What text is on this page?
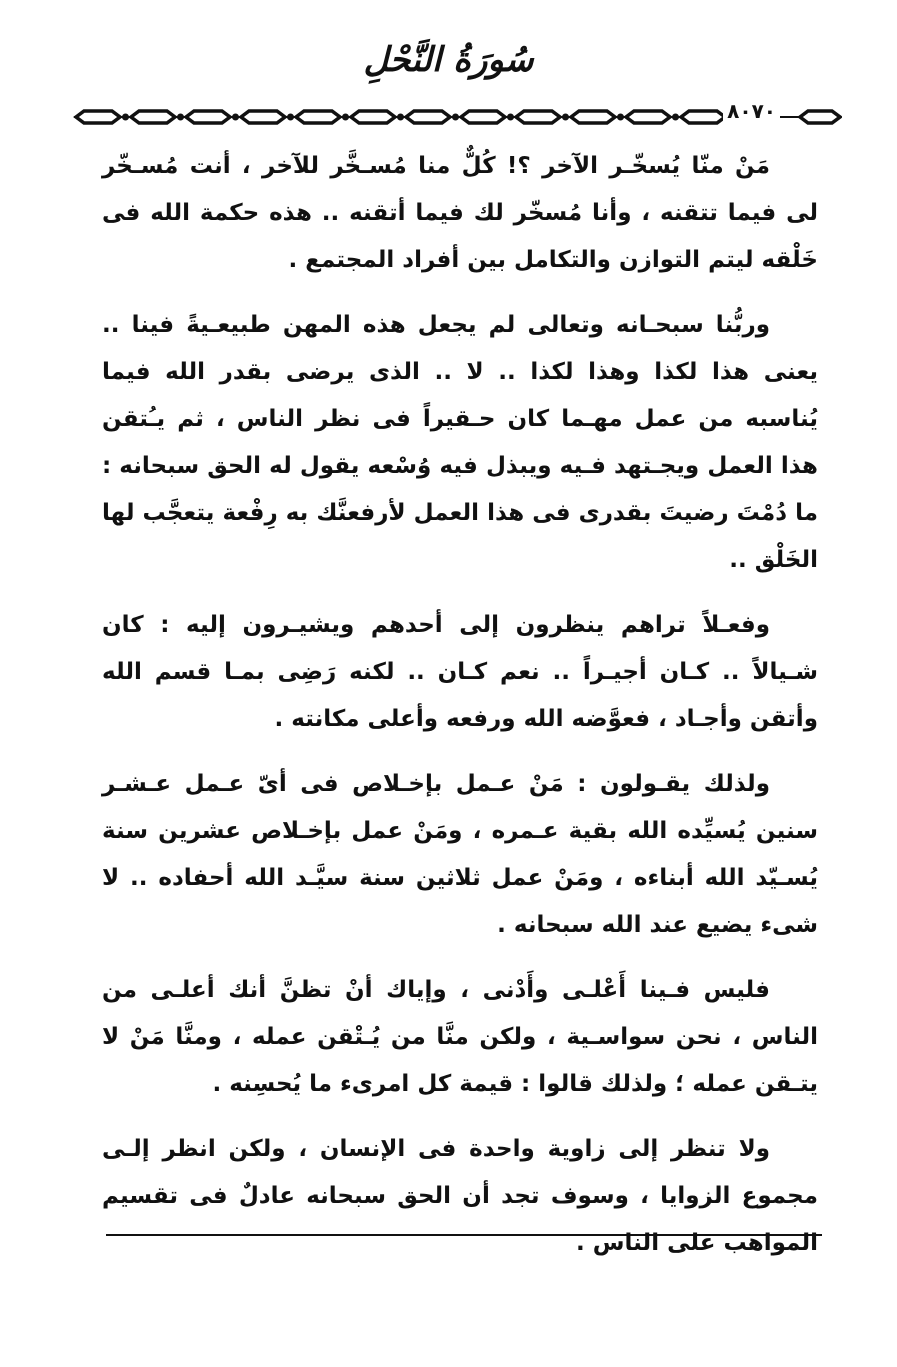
سُورَةُ النَّحْلِ
٨٠٧٠

مَنْ منّا يُسخّـر الآخر ؟! كُلٌّ منا مُسـخَّر للآخر ، أنت مُسـخّر لى فيما تتقنه ، وأنا مُسخّر لك فيما أتقنه .. هذه حكمة الله فى خَلْقه ليتم التوازن والتكامل بين أفراد المجتمع .

وربُّنا سبحـانه وتعالى لم يجعل هذه المهن طبيعـيةً فينا .. يعنى هذا لكذا وهذا لكذا .. لا .. الذى يرضى بقدر الله فيما يُناسبه من عمل مهـما كان حـقيراً فى نظر الناس ، ثم يـُتقن هذا العمل ويجـتهد فـيه ويبذل فيه وُسْعه يقول له الحق سبحانه : ما دُمْتَ رضيتَ بقدرى فى هذا العمل لأرفعنَّك به رِفْعة يتعجَّب لها الخَلْق ..

وفعـلاً تراهم ينظرون إلى أحدهم ويشيـرون إليه : كان شـيالاً .. كـان أجيـراً .. نعم كـان .. لكنه رَضِى بمـا قسم الله وأتقن وأجـاد ، فعوَّضه الله ورفعه وأعلى مكانته .

ولذلك يقـولون : مَنْ عـمل بإخـلاص فى أىّ عـمل عـشـر سنين يُسيِّده الله بقية عـمره ، ومَنْ عمل بإخـلاص عشرين سنة يُسـيّد الله أبناءه ، ومَنْ عمل ثلاثين سنة سيَّـد الله أحفاده .. لا شىء يضيع عند الله سبحانه .

فليس فـينا أَعْلـى وأَدْنى ، وإياك أنْ تظنَّ أنك أعلـى من الناس ، نحن سواسـية ، ولكن منَّا من يُـتْقن عمله ، ومنَّا مَنْ لا يتـقن عمله ؛ ولذلك قالوا : قيمة كل امرىء ما يُحسِنه .

ولا تنظر إلى زاوية واحدة فى الإنسان ، ولكن انظر إلـى مجموع الزوايا ، وسوف تجد أن الحق سبحانه عادلٌ فى تقسيم المواهب على الناس .
